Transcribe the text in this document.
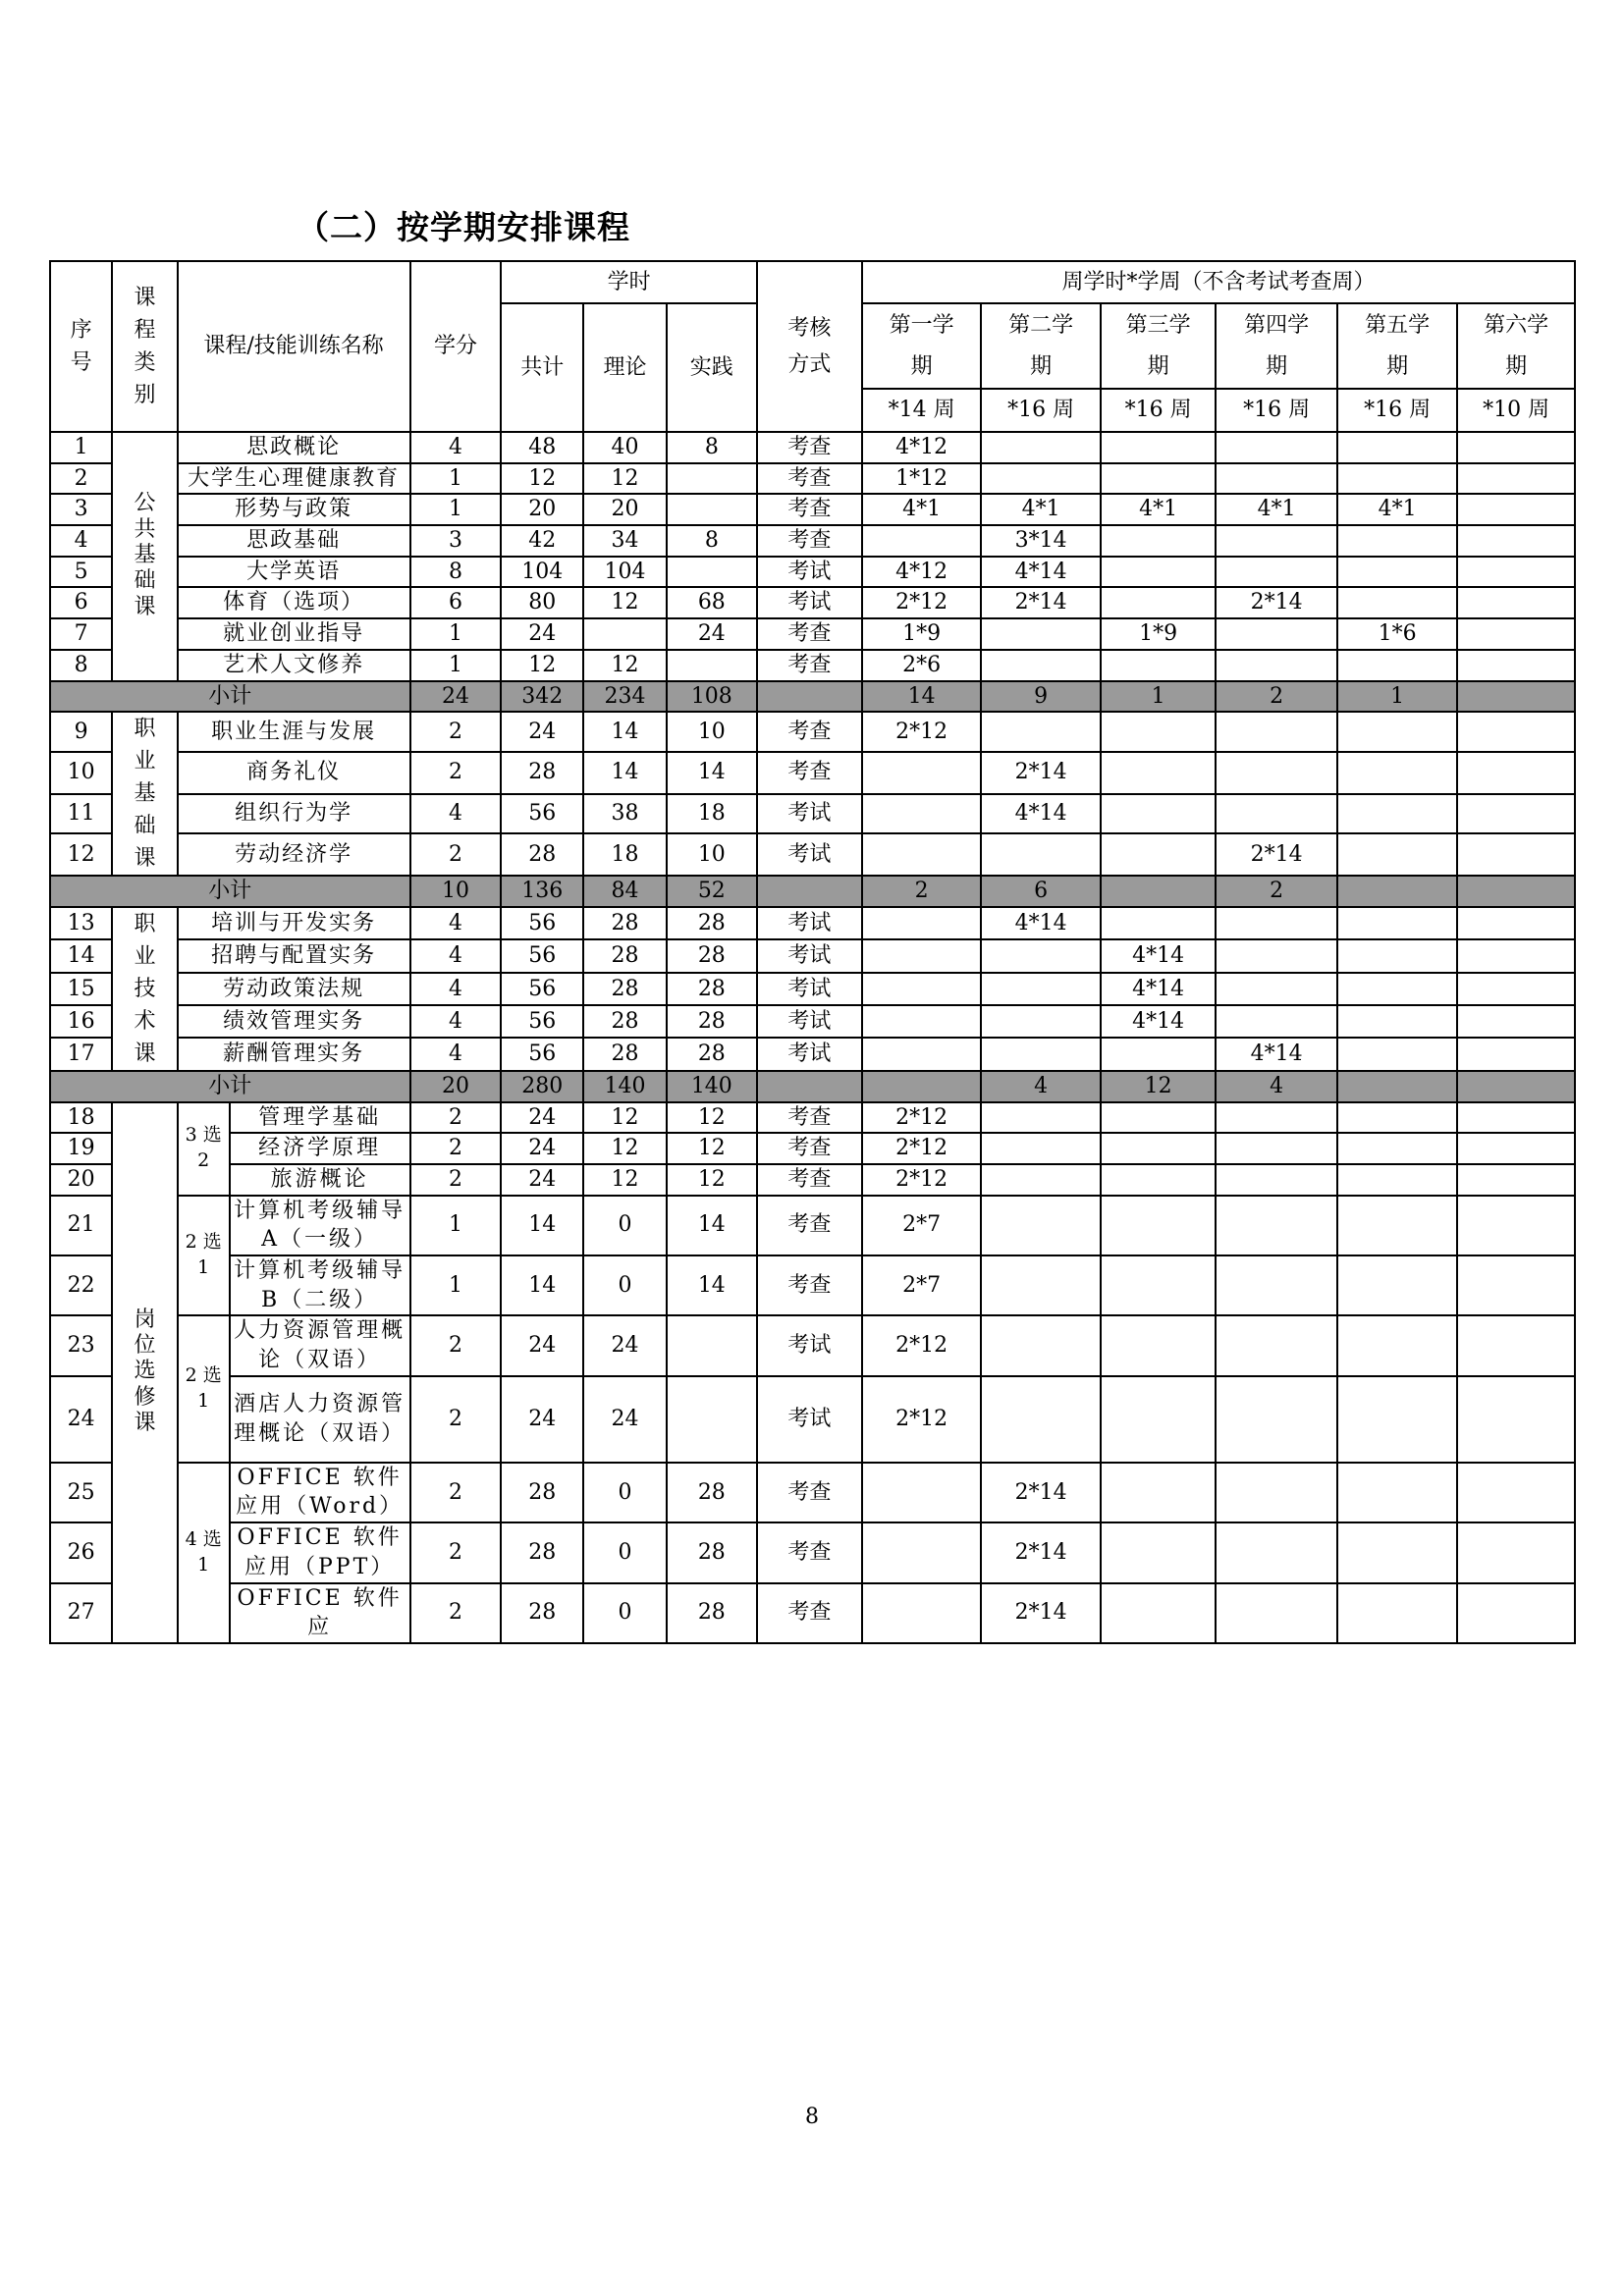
（二）按学期安排课程
序号	课程类别	课程/技能训练名称		学分	学时			考核方式	周学时*学周（不含考试考查周）					
					共计	理论	实践		第一学期	第二学期	第三学期	第四学期	第五学期	第六学期
									*14 周	*16 周	*16 周	*16 周	*16 周	*10 周
1	公共基础课	思政概论		4	48	40	8	考查	4*12					
2		大学生心理健康教育		1	12	12		考查	1*12					
3		形势与政策		1	20	20		考查	4*1	4*1	4*1	4*1	4*1	
4		思政基础		3	42	34	8	考查		3*14				
5		大学英语		8	104	104		考试	4*12	4*14				
6		体育（选项）		6	80	12	68	考试	2*12	2*14		2*14		
7		就业创业指导		1	24		24	考查	1*9		1*9		1*6	
8		艺术人文修养		1	12	12		考查	2*6					
小计				24	342	234	108		14	9	1	2	1	
9	职业基础课	职业生涯与发展		2	24	14	10	考查	2*12					
10		商务礼仪		2	28	14	14	考查		2*14				
11		组织行为学		4	56	38	18	考试		4*14				
12		劳动经济学		2	28	18	10	考试				2*14		
小计				10	136	84	52		2	6		2		
13	职业技术课	培训与开发实务		4	56	28	28	考试		4*14				
14		招聘与配置实务		4	56	28	28	考试			4*14			
15		劳动政策法规		4	56	28	28	考试			4*14			
16		绩效管理实务		4	56	28	28	考试			4*14			
17		薪酬管理实务		4	56	28	28	考试				4*14		
小计				20	280	140	140			4	12	4		
18	岗位选修课	3 选 2	管理学基础	2	24	12	12	考查	2*12					
19			经济学原理	2	24	12	12	考查	2*12					
20			旅游概论	2	24	12	12	考查	2*12					
21		2 选 1	计算机考级辅导 A（一级）	1	14	0	14	考查	2*7					
22			计算机考级辅导 B（二级）	1	14	0	14	考查	2*7					
23		2 选 1	人力资源管理概论（双语）	2	24	24		考试	2*12					
24			酒店人力资源管理概论（双语）	2	24	24		考试	2*12					
25		4 选 1	OFFICE 软件应用（Word）	2	28	0	28	考查		2*14				
26			OFFICE 软件应用（PPT）	2	28	0	28	考查		2*14				
27			OFFICE 软件应	2	28	0	28	考查		2*14				
8
